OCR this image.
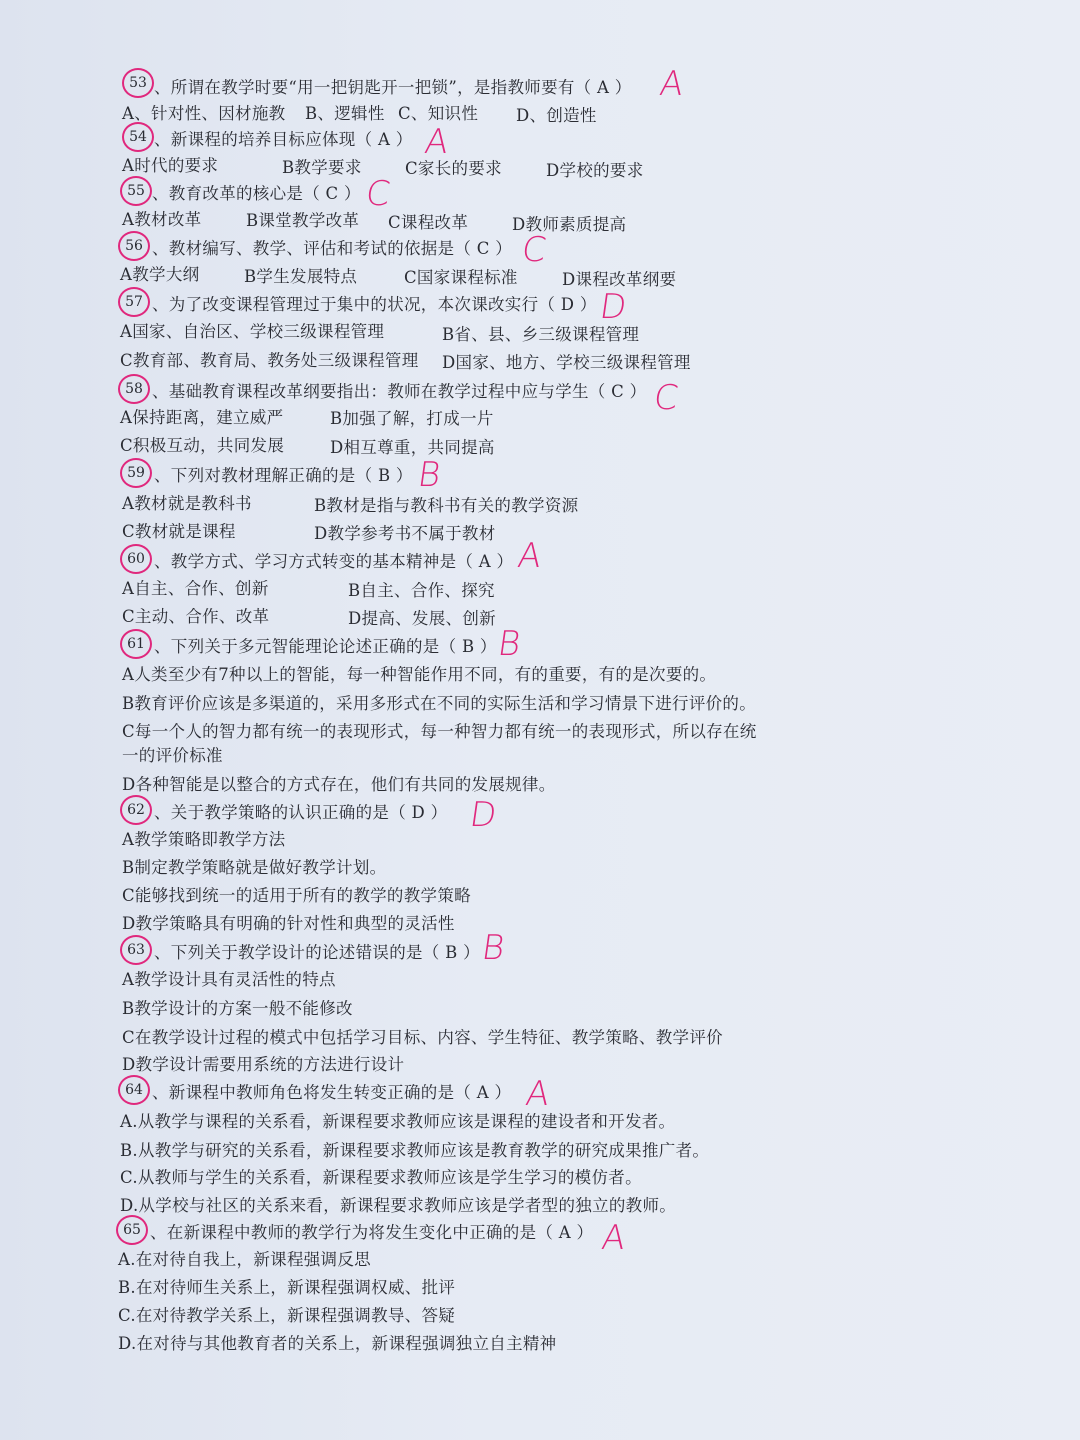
53 、所谓在教学时要“用一把钥匙开一把锁”，是指教师要有（ A ） A
A、针对性、因材施教 B、逻辑性 C、知识性 D、创造性
54 、新课程的培养目标应体现（ A ） A
A时代的要求	B教学要求	C家长的要求	D学校的要求
55 、教育改革的核心是（ C ） C
A教材改革	B课堂教学改革 C课程改革	D教师素质提高
56 、教材编写、教学、评估和考试的依据是（ C ） C
A教学大纲	B学生发展特点	C国家课程标准	D课程改革纲要
57 、为了改变课程管理过于集中的状况，本次课改实行（ D ） D
A国家、自治区、学校三级课程管理	B省、县、乡三级课程管理
C教育部、教育局、教务处三级课程管理 D国家、地方、学校三级课程管理
58 、基础教育课程改革纲要指出：教师在教学过程中应与学生（ C ） C
A保持距离，建立威严	B加强了解，打成一片
C积极互动，共同发展	D相互尊重，共同提高
59 、下列对教材理解正确的是（ B ） B
A教材就是教科书	B教材是指与教科书有关的教学资源
C教材就是课程	D教学参考书不属于教材
60 、教学方式、学习方式转变的基本精神是（ A ） A
A自主、合作、创新	B自主、合作、探究
C主动、合作、改革	D提高、发展、创新
61 、下列关于多元智能理论论述正确的是（ B ）
B
A人类至少有7种以上的智能，每一种智能作用不同，有的重要，有的是次要的。
B教育评价应该是多渠道的，采用多形式在不同的实际生活和学习情景下进行评价的。
C每一个人的智力都有统一的表现形式，每一种智力都有统一的表现形式，所以存在统
一的评价标准
D各种智能是以整合的方式存在，他们有共同的发展规律。
62 、关于教学策略的认识正确的是（ D ） D
A教学策略即教学方法
B制定教学策略就是做好教学计划。
C能够找到统一的适用于所有的教学的教学策略
D教学策略具有明确的针对性和典型的灵活性
63 、下列关于教学设计的论述错误的是（ B ） B
A教学设计具有灵活性的特点
B教学设计的方案一般不能修改
C在教学设计过程的模式中包括学习目标、内容、学生特征、教学策略、教学评价
D教学设计需要用系统的方法进行设计
64 、新课程中教师角色将发生转变正确的是（ A ） A
A.从教学与课程的关系看，新课程要求教师应该是课程的建设者和开发者。
B.从教学与研究的关系看，新课程要求教师应该是教育教学的研究成果推广者。
C.从教师与学生的关系看，新课程要求教师应该是学生学习的模仿者。
D.从学校与社区的关系来看，新课程要求教师应该是学者型的独立的教师。
65 、在新课程中教师的教学行为将发生变化中正确的是（ A ） A
A.在对待自我上，新课程强调反思
B.在对待师生关系上，新课程强调权威、批评
C.在对待教学关系上，新课程强调教导、答疑
D.在对待与其他教育者的关系上，新课程强调独立自主精神
